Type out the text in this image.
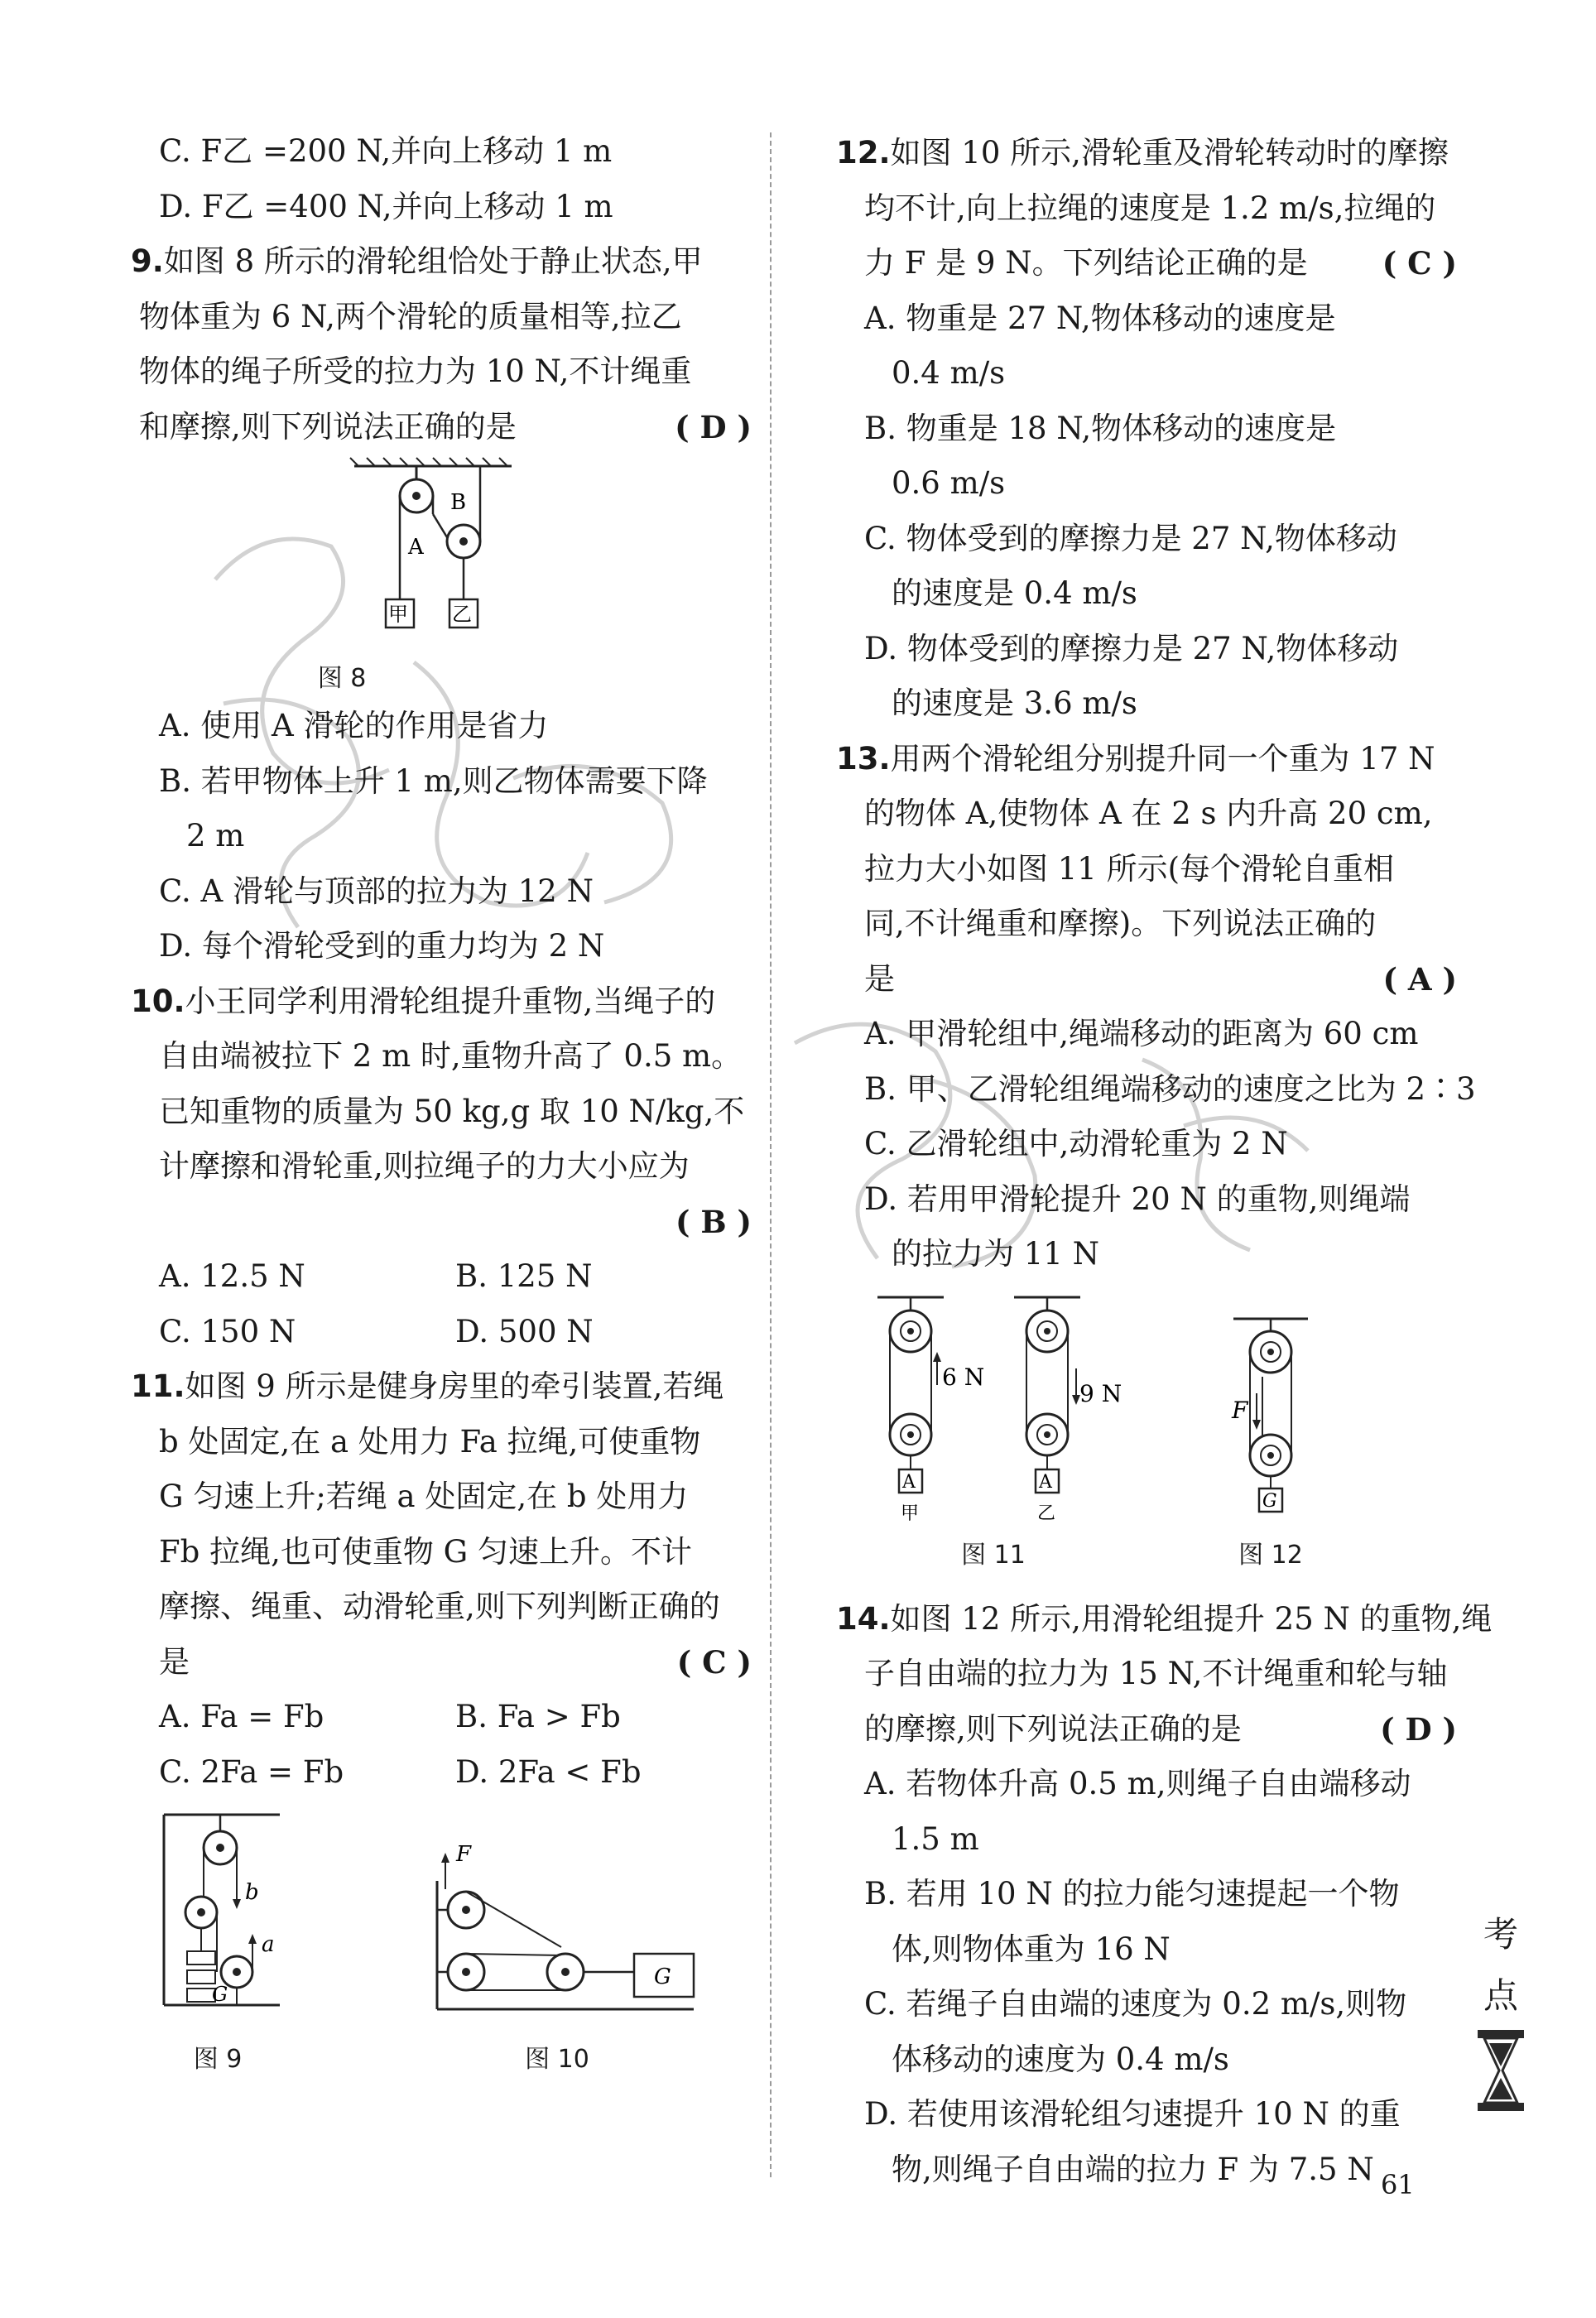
C. F乙 =200 N,并向上移动 1 m
D. F乙 =400 N,并向上移动 1 m
9.如图 8 所示的滑轮组恰处于静止状态,甲
物体重为 6 N,两个滑轮的质量相等,拉乙
物体的绳子所受的拉力为 10 N,不计绳重
和摩擦,则下列说法正确的是	( D )
B
A
甲 乙
图 8
A. 使用 A 滑轮的作用是省力
B. 若甲物体上升 1 m,则乙物体需要下降
2 m
C. A 滑轮与顶部的拉力为 12 N
D. 每个滑轮受到的重力均为 2 N
10.小王同学利用滑轮组提升重物,当绳子的
自由端被拉下 2 m 时,重物升高了 0.5 m。
已知重物的质量为 50 kg,g 取 10 N/kg,不
计摩擦和滑轮重,则拉绳子的力大小应为
( B )

A. 12.5 N	B. 125 N
C. 150 N	D. 500 N
11.如图 9 所示是健身房里的牵引装置,若绳
b 处固定,在 a 处用力 Fa 拉绳,可使重物
G 匀速上升;若绳 a 处固定,在 b 处用力
Fb 拉绳,也可使重物 G 匀速上升。不计
摩擦、绳重、动滑轮重,则下列判断正确的
是	( C )
A. Fa = Fb	B. Fa > Fb
C. 2Fa = Fb	D. 2Fa < Fb
b
a
G
F
G
图 9	图 10
12.如图 10 所示,滑轮重及滑轮转动时的摩擦
均不计,向上拉绳的速度是 1.2 m/s,拉绳的
力 F 是 9 N。下列结论正确的是 ( C )
A. 物重是 27 N,物体移动的速度是
0.4 m/s
B. 物重是 18 N,物体移动的速度是
0.6 m/s
C. 物体受到的摩擦力是 27 N,物体移动
的速度是 0.4 m/s
D. 物体受到的摩擦力是 27 N,物体移动
的速度是 3.6 m/s
13.用两个滑轮组分别提升同一个重为 17 N
的物体 A,使物体 A 在 2 s 内升高 20 cm,
拉力大小如图 11 所示(每个滑轮自重相
同,不计绳重和摩擦)。下列说法正确的
是	( A )
A. 甲滑轮组中,绳端移动的距离为 60 cm
B. 甲、乙滑轮组绳端移动的速度之比为 2∶3
C. 乙滑轮组中,动滑轮重为 2 N
D. 若用甲滑轮提升 20 N 的重物,则绳端
的拉力为 11 N
6 N
A
甲
9 N
A
乙
F
G
图 11	图 12
14.如图 12 所示,用滑轮组提升 25 N 的重物,绳
子自由端的拉力为 15 N,不计绳重和轮与轴
的摩擦,则下列说法正确的是	( D )
A. 若物体升高 0.5 m,则绳子自由端移动
1.5 m
B. 若用 10 N 的拉力能匀速提起一个物
体,则物体重为 16 N
C. 若绳子自由端的速度为 0.2 m/s,则物
体移动的速度为 0.4 m/s
D. 若使用该滑轮组匀速提升 10 N 的重
物,则绳子自由端的拉力 F 为 7.5 N
考
点
61
